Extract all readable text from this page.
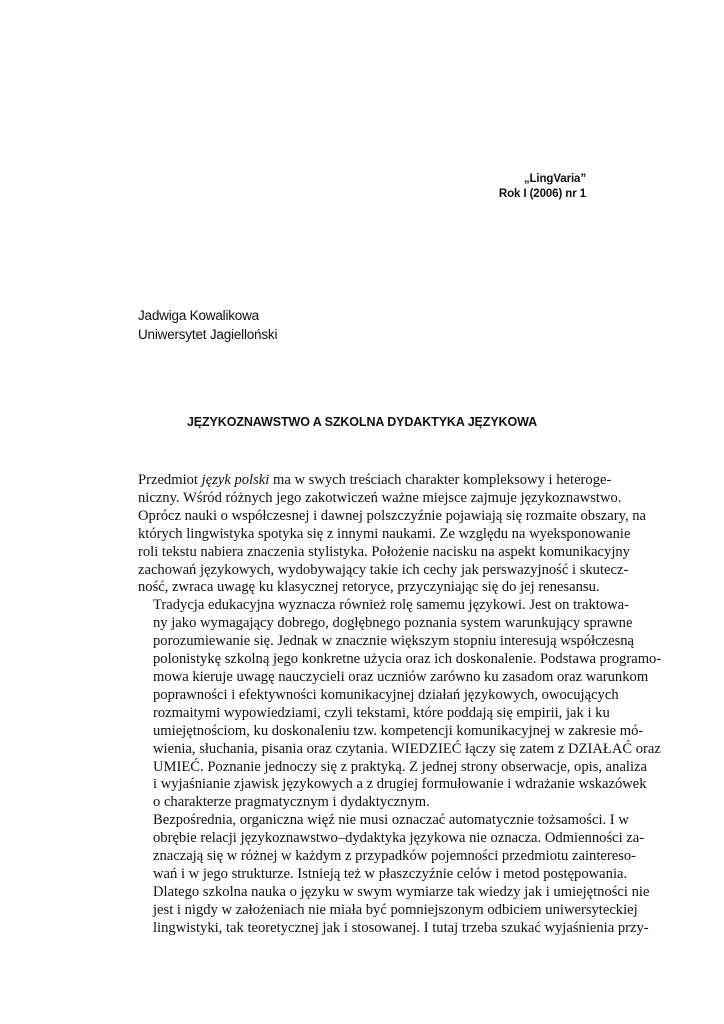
„LingVaria”
Rok I (2006) nr 1
Jadwiga Kowalikowa
Uniwersytet Jagielloński
JĘZYKOZNAWSTWO A SZKOLNA DYDAKTYKA JĘZYKOWA

Przedmiot język polski ma w swych treściach charakter kompleksowy i heteroge-
niczny. Wśród różnych jego zakotwiczeń ważne miejsce zajmuje językoznawstwo.
Oprócz nauki o współczesnej i dawnej polszczyźnie pojawiają się rozmaite obszary, na
których lingwistyka spotyka się z innymi naukami. Ze względu na wyeksponowanie
roli tekstu nabiera znaczenia stylistyka. Położenie nacisku na aspekt komunikacyjny
zachowań językowych, wydobywający takie ich cechy jak perswazyjność i skutecz-
ność, zwraca uwagę ku klasycznej retoryce, przyczyniając się do jej renesansu.

Tradycja edukacyjna wyznacza również rolę samemu językowi. Jest on traktowa-
ny jako wymagający dobrego, dogłębnego poznania system warunkujący sprawne
porozumiewanie się. Jednak w znacznie większym stopniu interesują współczesną
polonistykę szkolną jego konkretne użycia oraz ich doskonalenie. Podstawa programo-
mowa kieruje uwagę nauczycieli oraz uczniów zarówno ku zasadom oraz warunkom
poprawności i efektywności komunikacyjnej działań językowych, owocujących
rozmaitymi wypowiedziami, czyli tekstami, które poddają się empirii, jak i ku
umiejętnościom, ku doskonaleniu tzw. kompetencji komunikacyjnej w zakresie mó-
wienia, słuchania, pisania oraz czytania. WIEDZIEĆ łączy się zatem z DZIAŁAĆ oraz
UMIEĆ. Poznanie jednoczy się z praktyką. Z jednej strony obserwacje, opis, analiza
i wyjaśnianie zjawisk językowych a z drugiej formułowanie i wdrażanie wskazówek
o charakterze pragmatycznym i dydaktycznym.

Bezpośrednia, organiczna więź nie musi oznaczać automatycznie tożsamości. I w
obrębie relacji językoznawstwo–dydaktyka językowa nie oznacza. Odmienności za-
znaczają się w różnej w każdym z przypadków pojemności przedmiotu zaintereso-
wań i w jego strukturze. Istnieją też w płaszczyźnie celów i metod postępowania.
Dlatego szkolna nauka o języku w swym wymiarze tak wiedzy jak i umiejętności nie
jest i nigdy w założeniach nie miała być pomniejszonym odbiciem uniwersyteckiej
lingwistyki, tak teoretycznej jak i stosowanej. I tutaj trzeba szukać wyjaśnienia przy-
